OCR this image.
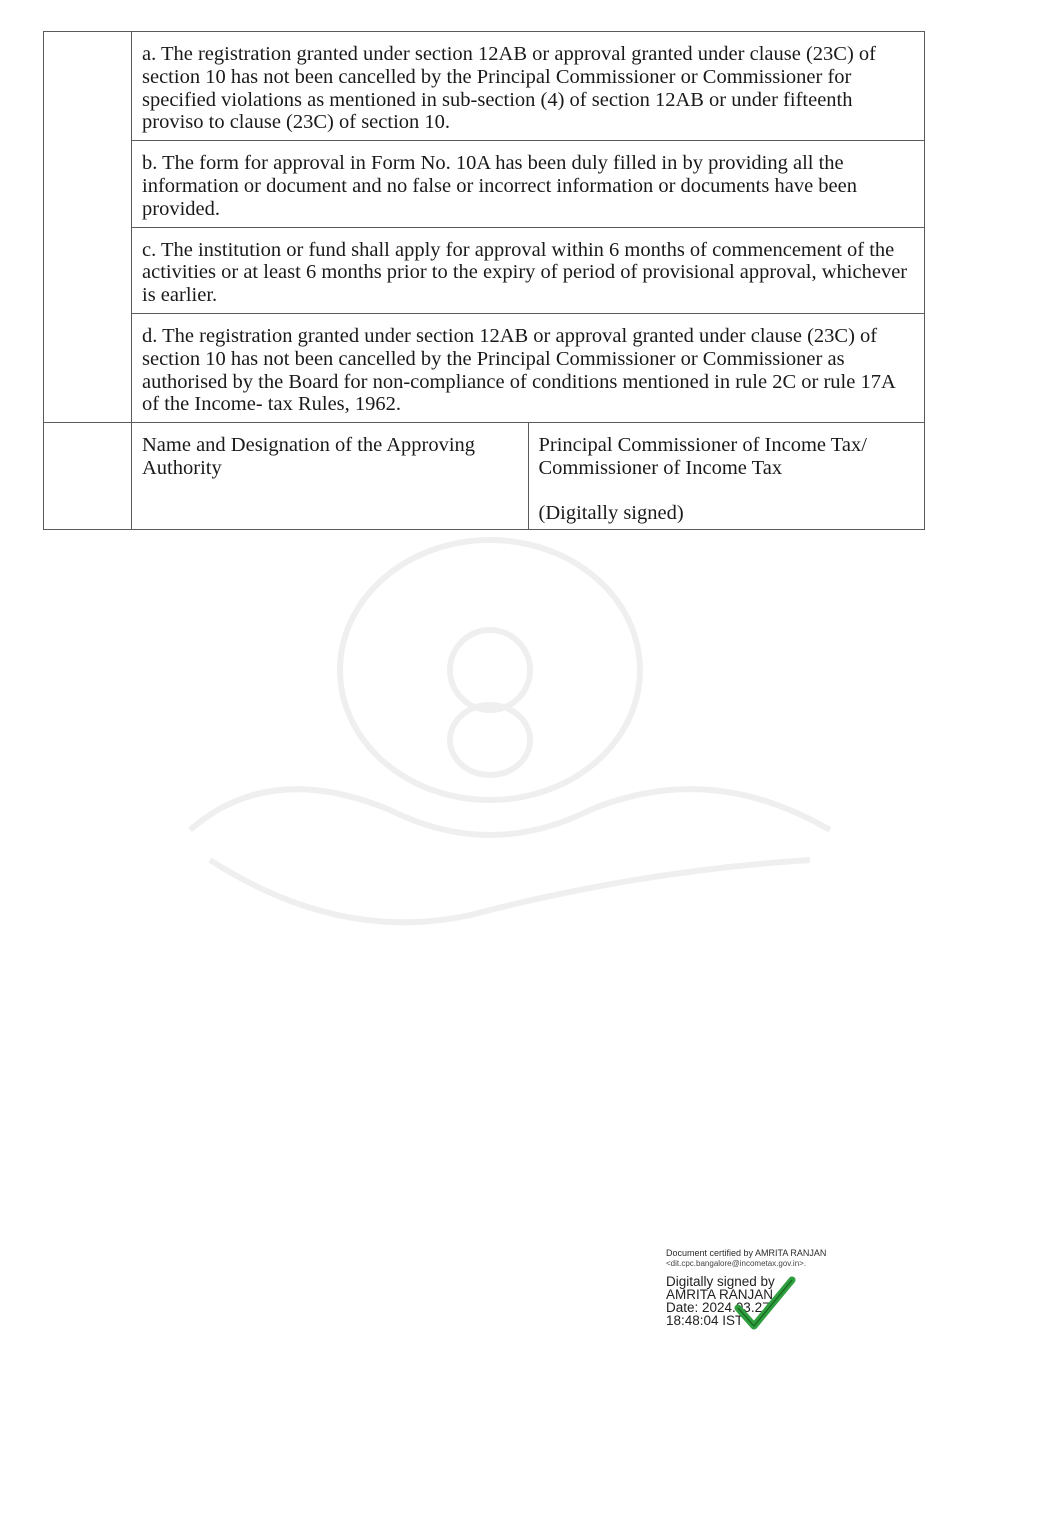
	a. The registration granted under section 12AB or approval granted under clause (23C) of section 10 has not been cancelled by the Principal Commissioner or Commissioner for specified violations as mentioned in sub-section (4) of section 12AB or under fifteenth proviso to clause (23C) of section 10.	

	b. The form for approval in Form No. 10A has been duly filled in by providing all the information or document and no false or incorrect information or documents have been provided.	

	c. The institution or fund shall apply for approval within 6 months of commencement of the activities or at least 6 months prior to the expiry of period of provisional approval, whichever is earlier.	

	d. The registration granted under section 12AB or approval granted under clause (23C) of section 10 has not been cancelled by the Principal Commissioner or Commissioner as authorised by the Board for non-compliance of conditions mentioned in rule 2C or rule 17A of the Income- tax Rules, 1962.	

	Name and Designation of the Approving Authority	Principal Commissioner of Income Tax/ Commissioner of Income Tax
(Digitally signed)
Document certified by AMRITA RANJAN
<dit.cpc.bangalore@incometax.gov.in>.
Digitally signed by
AMRITA RANJAN
Date: 2024.03.27
18:48:04 IST
